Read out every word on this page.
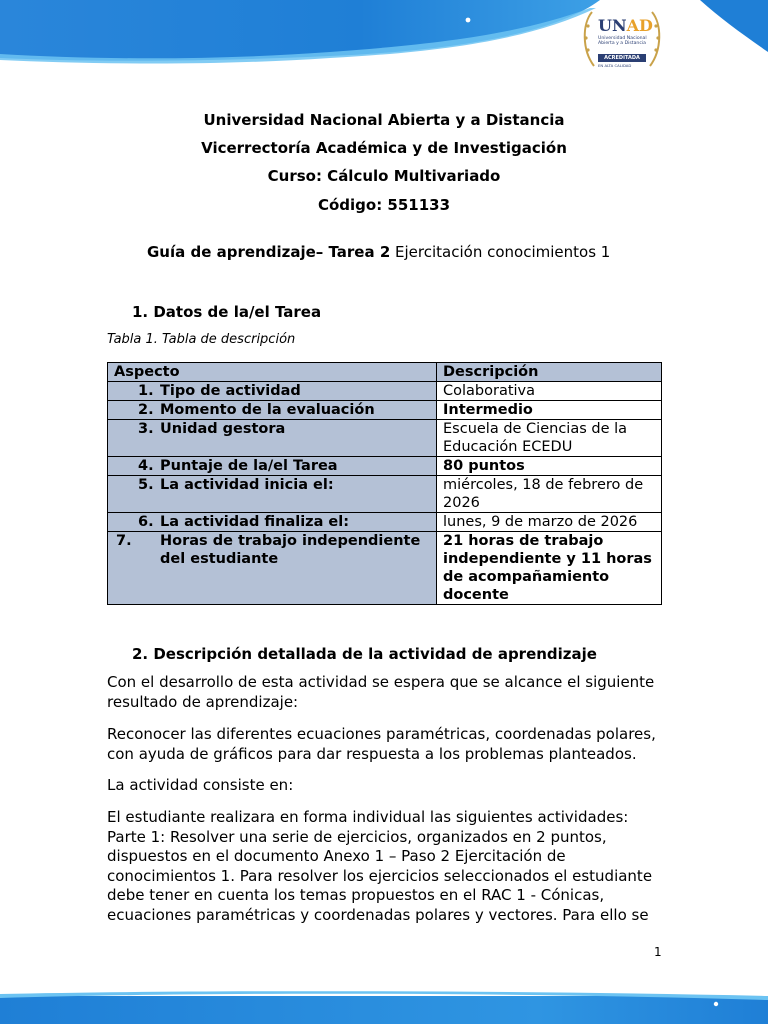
UNAD
Universidad Nacional
Abierta y a Distancia
ACREDITADA
EN ALTA CALIDAD
Universidad Nacional Abierta y a Distancia
Vicerrectoría Académica y de Investigación
Curso: Cálculo Multivariado
Código: 551133
Guía de aprendizaje– Tarea 2 Ejercitación conocimientos 1
1. Datos de la/el Tarea
Tabla 1. Tabla de descripción
Aspecto	Descripción
1. Tipo de actividad	Colaborativa
2. Momento de la evaluación	Intermedio
3. Unidad gestora	Escuela de Ciencias de la Educación ECEDU
4. Puntaje de la/el Tarea	80 puntos
5. La actividad inicia el:	miércoles, 18 de febrero de 2026
6. La actividad finaliza el:	lunes, 9 de marzo de 2026

7. Horas de trabajo independiente del estudiante	21 horas de trabajo independiente y 11 horas de acompañamiento docente
2. Descripción detallada de la actividad de aprendizaje
Con el desarrollo de esta actividad se espera que se alcance el siguiente resultado de aprendizaje:
Reconocer las diferentes ecuaciones paramétricas, coordenadas polares, con ayuda de gráficos para dar respuesta a los problemas planteados.
La actividad consiste en:
El estudiante realizara en forma individual las siguientes actividades: Parte 1: Resolver una serie de ejercicios, organizados en 2 puntos, dispuestos en el documento Anexo 1 – Paso 2 Ejercitación de conocimientos 1. Para resolver los ejercicios seleccionados el estudiante debe tener en cuenta los temas propuestos en el RAC 1 - Cónicas, ecuaciones paramétricas y coordenadas polares y vectores. Para ello se
1
